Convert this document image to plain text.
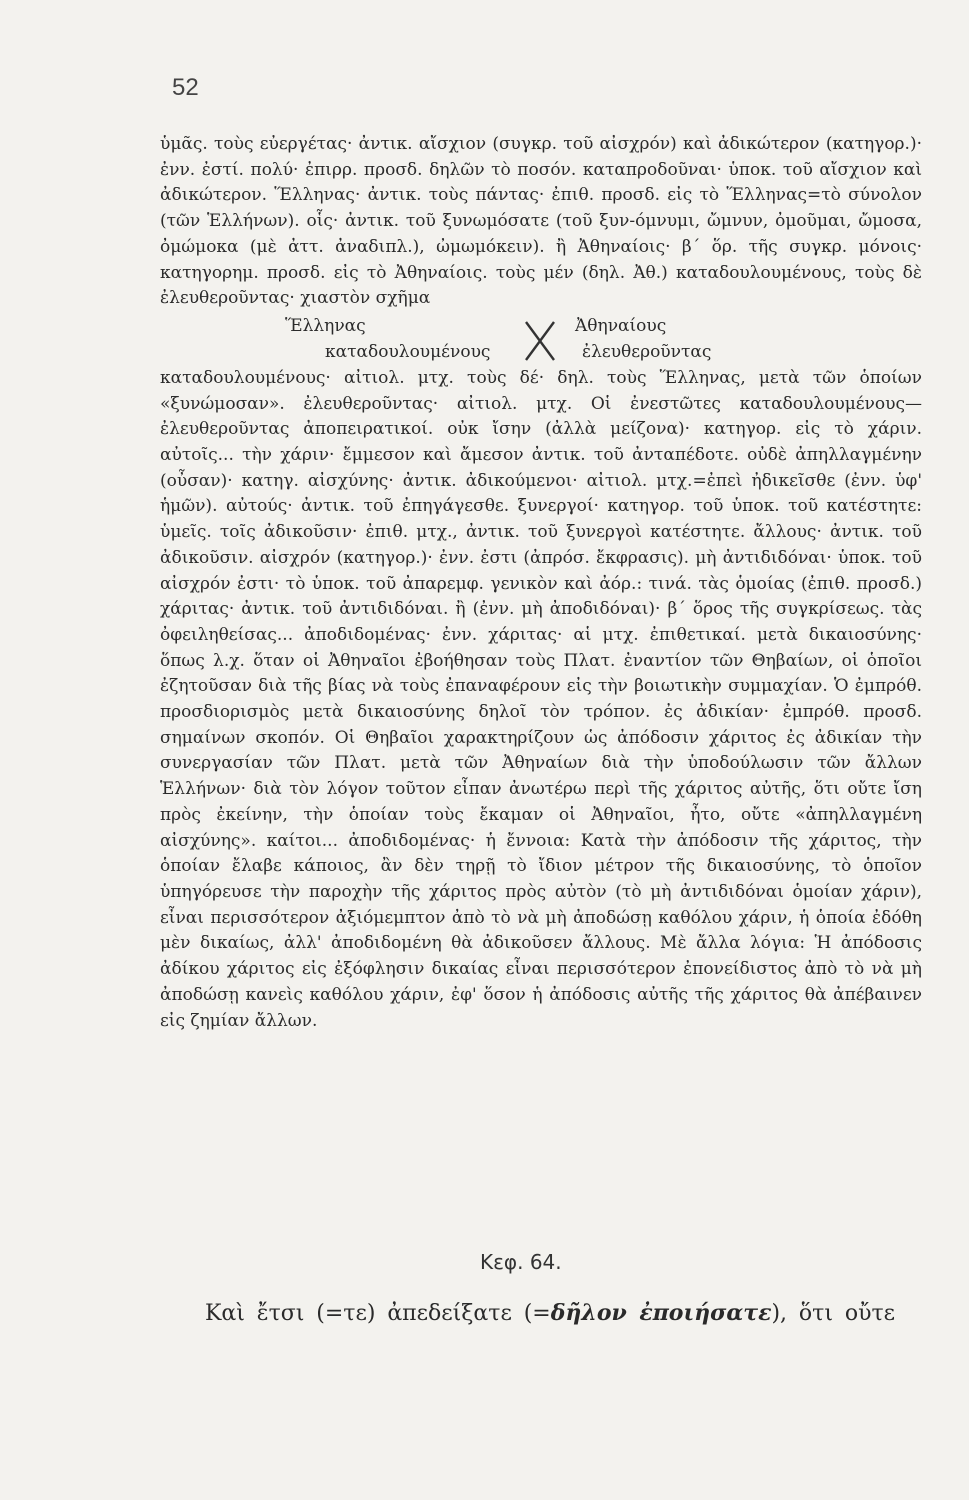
52

ὑμᾶς. τοὺς εὐεργέτας· ἀντικ. αἴσχιον (συγκρ. τοῦ αἰσχρόν) καὶ ἀδικώτερον (κατηγορ.)· ἐνν. ἐστί. πολύ· ἐπιρρ. προσδ. δηλῶν τὸ ποσόν. καταπροδοῦναι· ὑποκ. τοῦ αἴσχιον καὶ ἀδικώτερον. Ἕλληνας· ἀντικ. τοὺς πάντας· ἐπιθ. προσδ. εἰς τὸ Ἕλληνας=τὸ σύνολον (τῶν Ἑλλήνων). οἷς· ἀντικ. τοῦ ξυνωμόσατε (τοῦ ξυν-όμνυμι, ὤμνυν, ὀμοῦμαι, ὤμοσα, ὀμώμοκα (μὲ ἀττ. ἀναδιπλ.), ὠμωμόκειν). ἢ Ἀθηναίοις· β΄ ὅρ. τῆς συγκρ. μόνοις· κατηγορημ. προσδ. εἰς τὸ Ἀθηναίοις. τοὺς μέν (δηλ. Ἀθ.) καταδουλουμένους, τοὺς δὲ ἐλευθεροῦντας· χιαστὸν σχῆμα

Ἕλληνας	Ἀθηναίους
καταδουλουμένους	ἐλευθεροῦντας

καταδουλουμένους· αἰτιολ. μτχ. τοὺς δέ· δηλ. τοὺς Ἕλληνας, μετὰ τῶν ὁποίων «ξυνώμοσαν». ἐλευθεροῦντας· αἰτιολ. μτχ. Οἱ ἐνεστῶτες καταδουλουμένους—ἐλευθεροῦντας ἀποπειρατικοί. οὐκ ἴσην (ἀλλὰ μείζονα)· κατηγορ. εἰς τὸ χάριν. αὐτοῖς... τὴν χάριν· ἔμμεσον καὶ ἄμεσον ἀντικ. τοῦ ἀνταπέδοτε. οὐδὲ ἀπηλλαγμένην (οὖσαν)· κατηγ. αἰσχύνης· ἀντικ. ἀδικούμενοι· αἰτιολ. μτχ.=ἐπεὶ ἠδικεῖσθε (ἐνν. ὑφ' ἡμῶν). αὐτούς· ἀντικ. τοῦ ἐπηγάγεσθε. ξυνεργοί· κατηγορ. τοῦ ὑποκ. τοῦ κατέστητε: ὑμεῖς. τοῖς ἀδικοῦσιν· ἐπιθ. μτχ., ἀντικ. τοῦ ξυνεργοὶ κατέστητε. ἄλλους· ἀντικ. τοῦ ἀδικοῦσιν. αἰσχρόν (κατηγορ.)· ἐνν. ἐστι (ἀπρόσ. ἔκφρασις). μὴ ἀντιδιδόναι· ὑποκ. τοῦ αἰσχρόν ἐστι· τὸ ὑποκ. τοῦ ἀπαρεμφ. γενικὸν καὶ ἀόρ.: τινά. τὰς ὁμοίας (ἐπιθ. προσδ.) χάριτας· ἀντικ. τοῦ ἀντιδιδόναι. ἢ (ἐνν. μὴ ἀποδιδόναι)· β΄ ὅρος τῆς συγκρίσεως. τὰς ὀφειληθείσας... ἀποδιδομένας· ἐνν. χάριτας· αἱ μτχ. ἐπιθετικαί. μετὰ δικαιοσύνης· ὅπως λ.χ. ὅταν οἱ Ἀθηναῖοι ἐβοήθησαν τοὺς Πλατ. ἐναντίον τῶν Θηβαίων, οἱ ὁποῖοι ἐζητοῦσαν διὰ τῆς βίας νὰ τοὺς ἐπαναφέρουν εἰς τὴν βοιωτικὴν συμμαχίαν. Ὁ ἐμπρόθ. προσδιορισμὸς μετὰ δικαιοσύνης δηλοῖ τὸν τρόπον. ἐς ἀδικίαν· ἐμπρόθ. προσδ. σημαίνων σκοπόν. Οἱ Θηβαῖοι χαρακτηρίζουν ὡς ἀπόδοσιν χάριτος ἐς ἀδικίαν τὴν συνεργασίαν τῶν Πλατ. μετὰ τῶν Ἀθηναίων διὰ τὴν ὑποδούλωσιν τῶν ἄλλων Ἑλλήνων· διὰ τὸν λόγον τοῦτον εἶπαν ἀνωτέρω περὶ τῆς χάριτος αὐτῆς, ὅτι οὔτε ἴση πρὸς ἐκείνην, τὴν ὁποίαν τοὺς ἔκαμαν οἱ Ἀθηναῖοι, ἦτο, οὔτε «ἀπηλλαγμένη αἰσχύνης». καίτοι... ἀποδιδομένας· ἡ ἔννοια: Κατὰ τὴν ἀπόδοσιν τῆς χάριτος, τὴν ὁποίαν ἔλαβε κάποιος, ἂν δὲν τηρῇ τὸ ἴδιον μέτρον τῆς δικαιοσύνης, τὸ ὁποῖον ὑπηγόρευσε τὴν παροχὴν τῆς χάριτος πρὸς αὐτὸν (τὸ μὴ ἀντιδιδόναι ὁμοίαν χάριν), εἶναι περισσότερον ἀξιόμεμπτον ἀπὸ τὸ νὰ μὴ ἀποδώσῃ καθόλου χάριν, ἡ ὁποία ἐδόθη μὲν δικαίως, ἀλλ' ἀποδιδομένη θὰ ἀδικοῦσεν ἄλλους. Μὲ ἄλλα λόγια: Ἡ ἀπόδοσις ἀδίκου χάριτος εἰς ἐξόφλησιν δικαίας εἶναι περισσότερον ἐπονείδιστος ἀπὸ τὸ νὰ μὴ ἀποδώσῃ κανεὶς καθόλου χάριν, ἐφ' ὅσον ἡ ἀπόδοσις αὐτῆς τῆς χάριτος θὰ ἀπέβαινεν εἰς ζημίαν ἄλλων.

Κεφ. 64.
Καὶ ἔτσι (=τε) ἀπεδείξατε (=δῆλον ἐποιήσατε), ὅτι οὔτε
